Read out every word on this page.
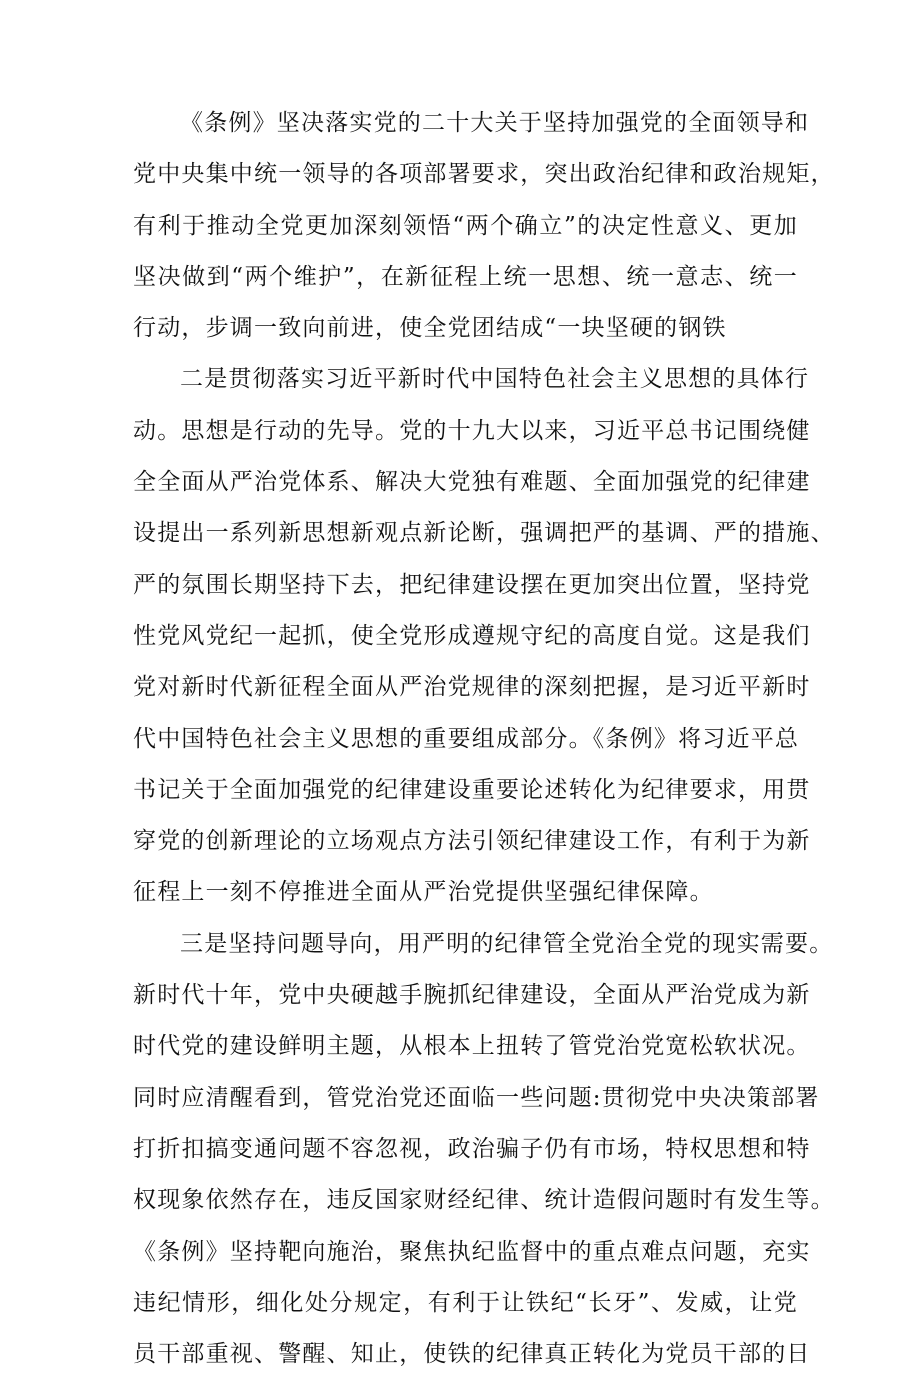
《条例》坚决落实党的二十大关于坚持加强党的全面领导和
党中央集中统一领导的各项部署要求，突出政治纪律和政治规矩，
有利于推动全党更加深刻领悟“两个确立”的决定性意义、更加
坚决做到“两个维护”，在新征程上统一思想、统一意志、统一
行动，步调一致向前进，使全党团结成“一块坚硬的钢铁
二是贯彻落实习近平新时代中国特色社会主义思想的具体行
动。思想是行动的先导。党的十九大以来，习近平总书记围绕健
全全面从严治党体系、解决大党独有难题、全面加强党的纪律建
设提出一系列新思想新观点新论断，强调把严的基调、严的措施、
严的氛围长期坚持下去，把纪律建设摆在更加突出位置，坚持党
性党风党纪一起抓，使全党形成遵规守纪的高度自觉。这是我们
党对新时代新征程全面从严治党规律的深刻把握，是习近平新时
代中国特色社会主义思想的重要组成部分。《条例》将习近平总
书记关于全面加强党的纪律建设重要论述转化为纪律要求，用贯
穿党的创新理论的立场观点方法引领纪律建设工作，有利于为新
征程上一刻不停推进全面从严治党提供坚强纪律保障。
三是坚持问题导向，用严明的纪律管全党治全党的现实需要。
新时代十年，党中央硬越手腕抓纪律建设，全面从严治党成为新
时代党的建设鲜明主题，从根本上扭转了管党治党宽松软状况。
同时应清醒看到，管党治党还面临一些问题:贯彻党中央决策部署
打折扣搞变通问题不容忽视，政治骗子仍有市场，特权思想和特
权现象依然存在，违反国家财经纪律、统计造假问题时有发生等。
《条例》坚持靶向施治，聚焦执纪监督中的重点难点问题，充实
违纪情形，细化处分规定，有利于让铁纪“长牙”、发威，让党
员干部重视、警醒、知止，使铁的纪律真正转化为党员干部的日
